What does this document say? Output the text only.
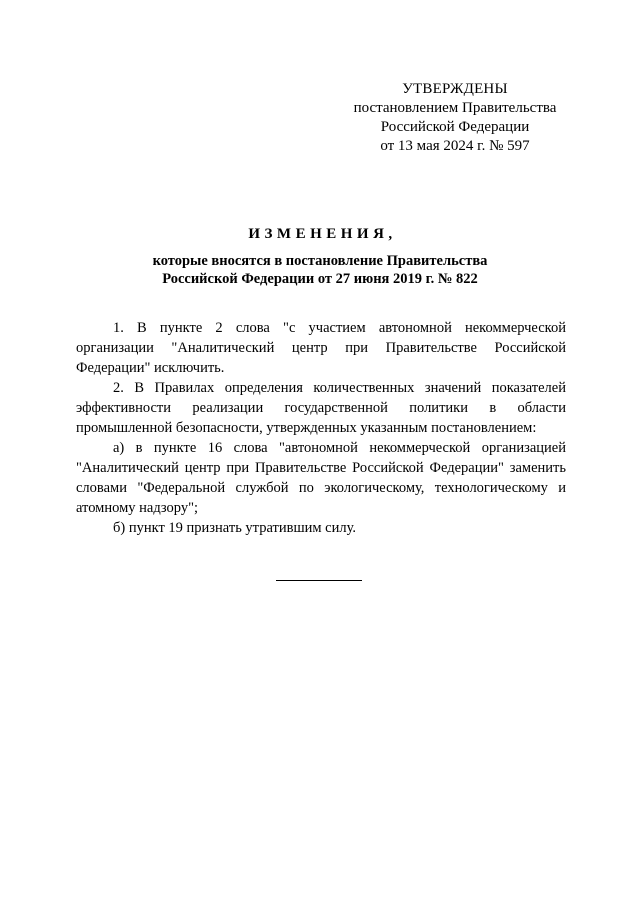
УТВЕРЖДЕНЫ
постановлением Правительства
Российской Федерации
от 13 мая 2024 г. № 597
ИЗМЕНЕНИЯ,
которые вносятся в постановление Правительства
Российской Федерации от 27 июня 2019 г. № 822

1. В пункте 2 слова "с участием автономной некоммерческой организации "Аналитический центр при Правительстве Российской Федерации" исключить.

2. В Правилах определения количественных значений показателей эффективности реализации государственной политики в области промышленной безопасности, утвержденных указанным постановлением:

а) в пункте 16 слова "автономной некоммерческой организацией "Аналитический центр при Правительстве Российской Федерации" заменить словами "Федеральной службой по экологическому, технологическому и атомному надзору";

б) пункт 19 признать утратившим силу.
